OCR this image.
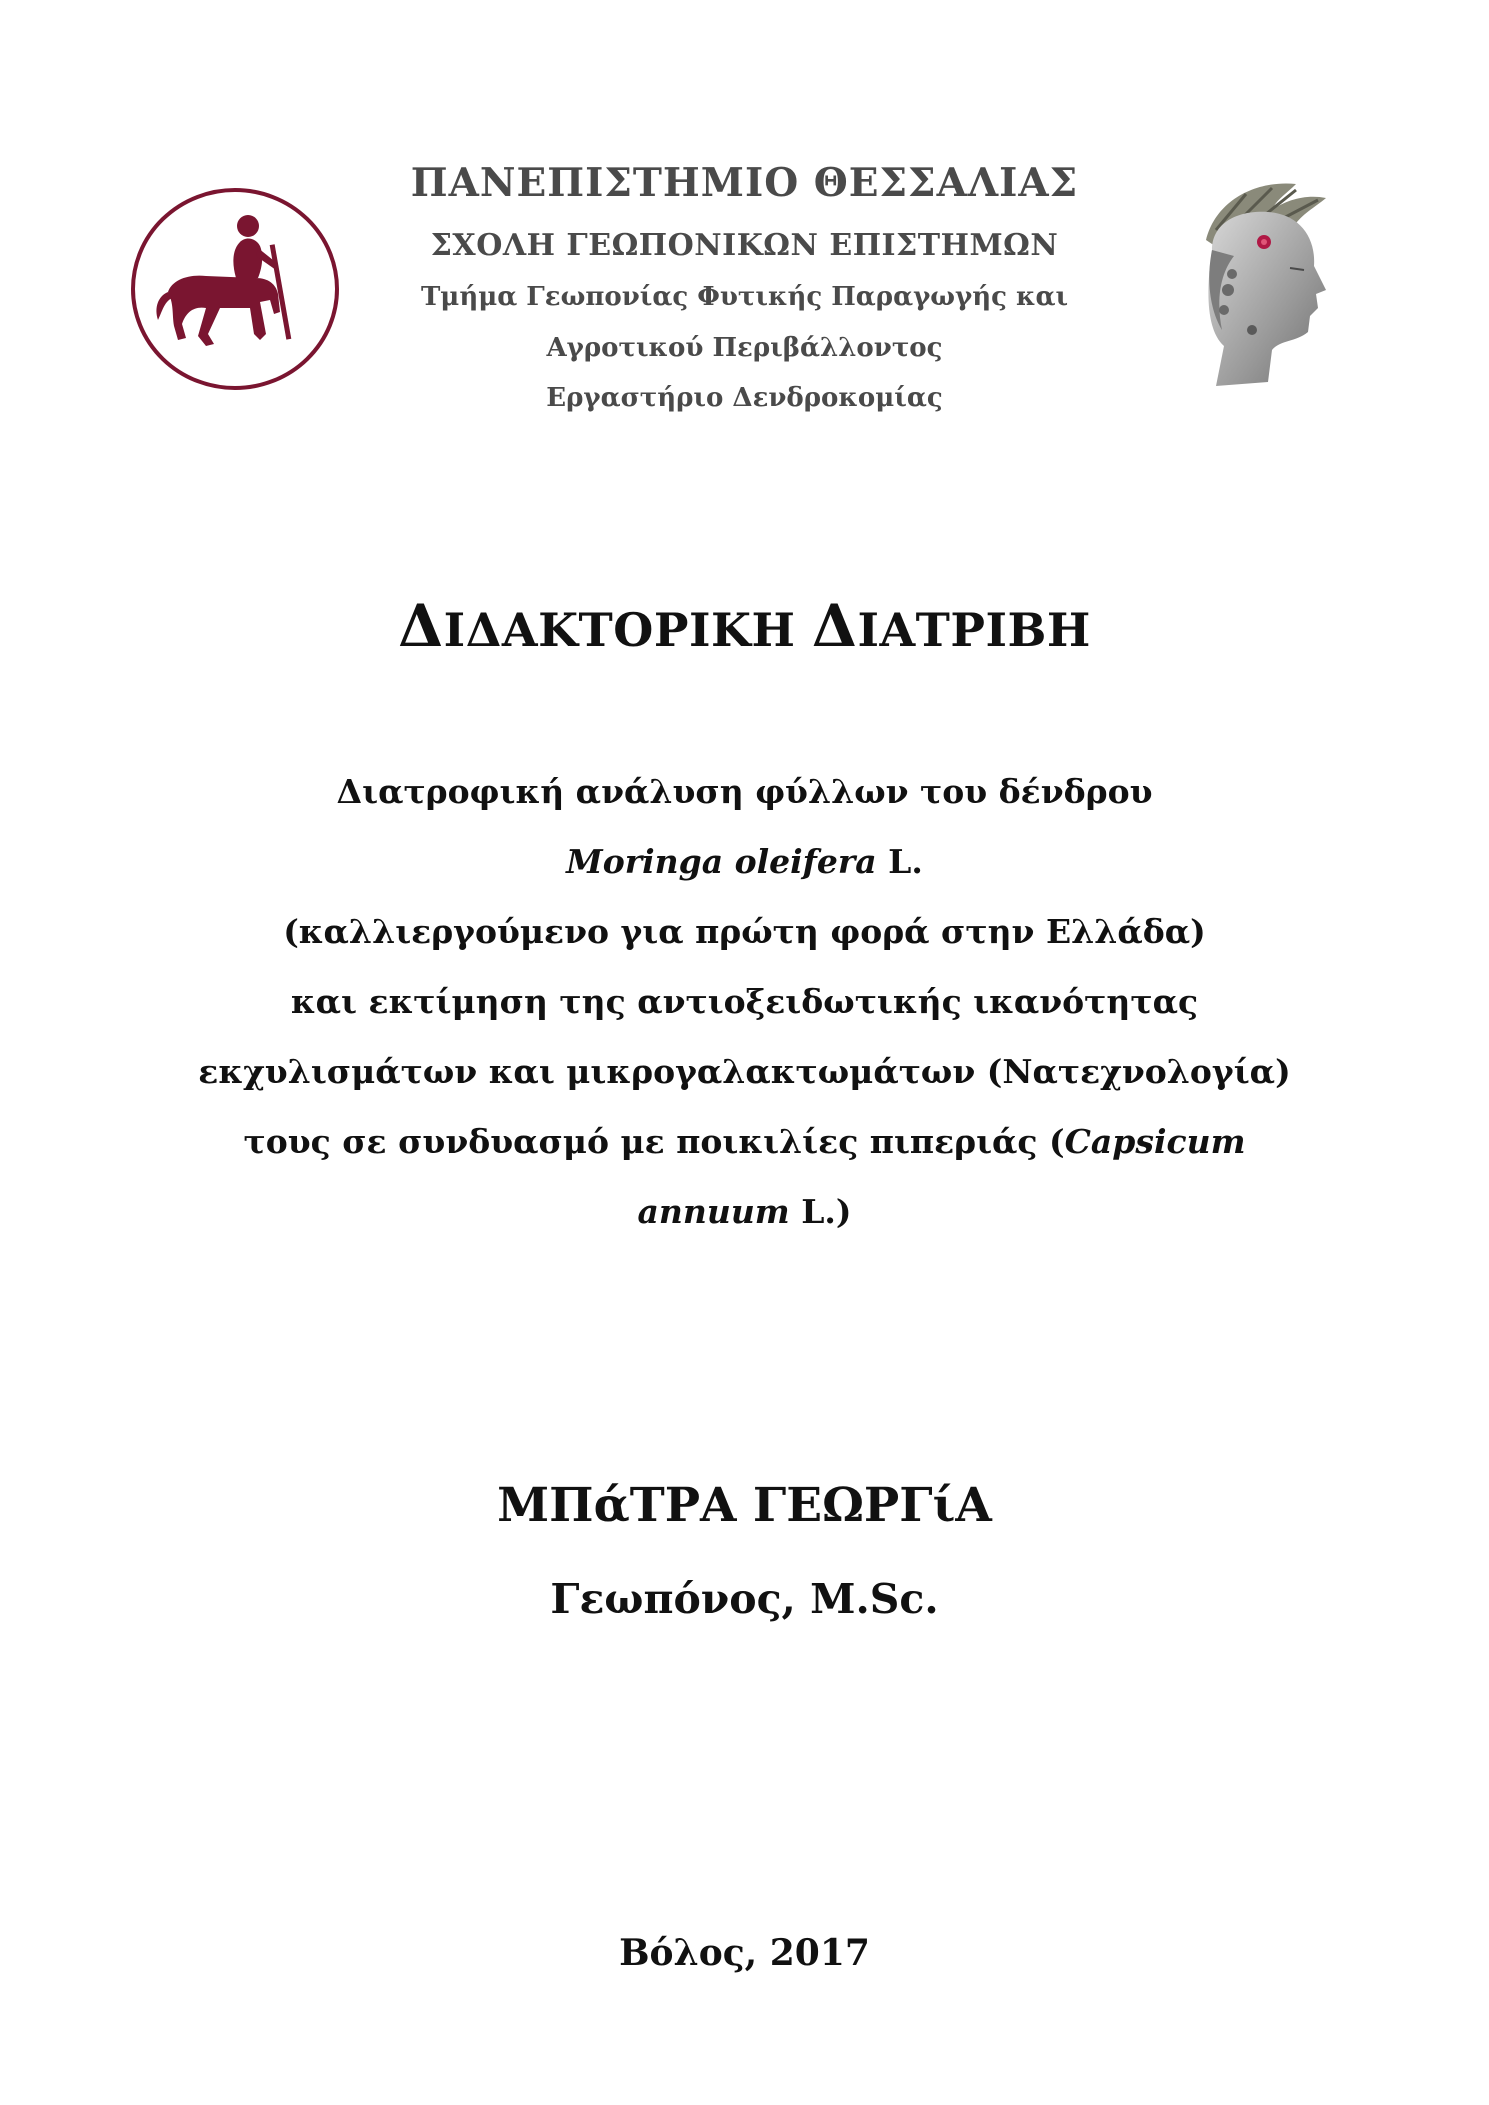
ΠΑΝΕΠΙΣΤΗΜΙΟ ΘΕΣΣΑΛΙΑΣ
ΣΧΟΛΗ ΓΕΩΠΟΝΙΚΩΝ ΕΠΙΣΤΗΜΩΝ
Τμήμα Γεωπονίας Φυτικής Παραγωγής και
Αγροτικού Περιβάλλοντος
Εργαστήριο Δενδροκομίας
ΔΙΔΑΚΤΟΡΙΚΗ ΔΙΑΤΡΙΒΗ
Διατροφική ανάλυση φύλλων του δένδρου
Moringa oleifera L.
(καλλιεργούμενο για πρώτη φορά στην Ελλάδα)
και εκτίμηση της αντιοξειδωτικής ικανότητας
εκχυλισμάτων και μικρογαλακτωμάτων (Νατεχνολογία)
τους σε συνδυασμό με ποικιλίες πιπεριάς (Capsicum
annuum L.)
ΜΠάΤΡΑ ΓΕΩΡΓίΑ
Γεωπόνος, M.Sc.
Βόλος, 2017
